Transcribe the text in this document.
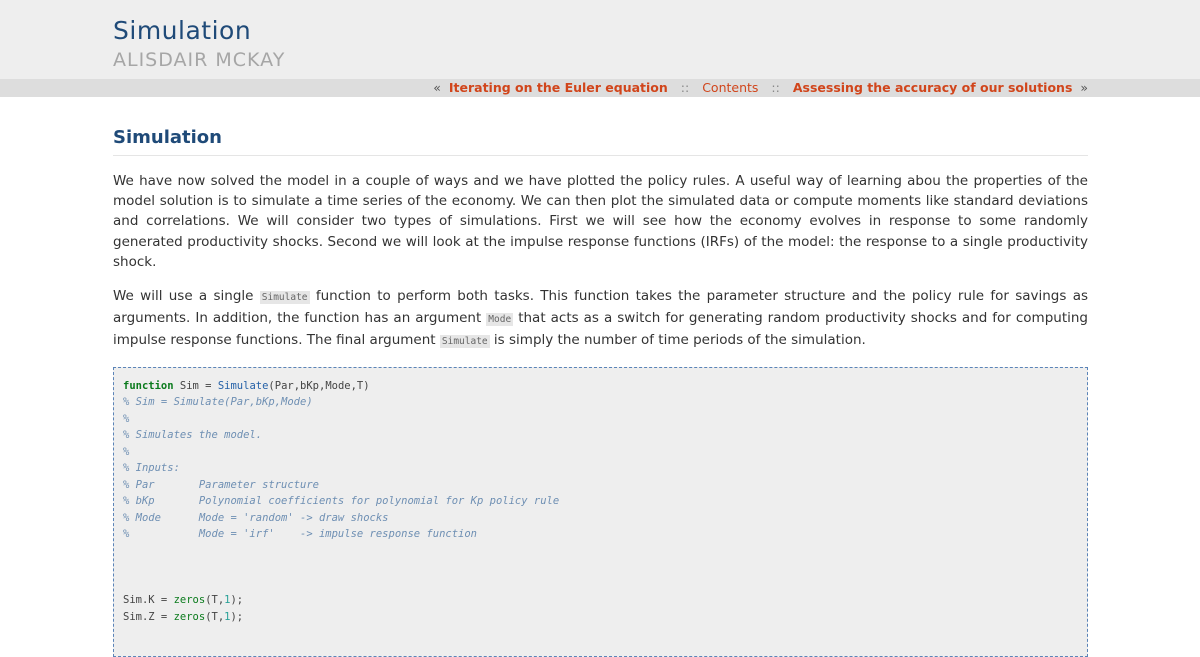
Simulation
ALISDAIR MCKAY
« Iterating on the Euler equation :: Contents :: Assessing the accuracy of our solutions »
Simulation

We have now solved the model in a couple of ways and we have plotted the policy rules. A useful way of learning abou the properties of the model solution is to simulate a time series of the economy. We can then plot the simulated data or compute moments like standard deviations and correlations. We will consider two types of simulations. First we will see how the economy evolves in response to some randomly generated productivity shocks. Second we will look at the impulse response functions (IRFs) of the model: the response to a single productivity shock.

We will use a single Simulate function to perform both tasks. This function takes the parameter structure and the policy rule for savings as arguments. In addition, the function has an argument Mode that acts as a switch for generating random productivity shocks and for computing impulse response functions. The final argument Simulate is simply the number of time periods of the simulation.

function Sim = Simulate(Par,bKp,Mode,T)
% Sim = Simulate(Par,bKp,Mode)
%
% Simulates the model.
%
% Inputs:
% Par       Parameter structure
% bKp       Polynomial coefficients for polynomial for Kp policy rule
% Mode      Mode = 'random' -> draw shocks
%           Mode = 'irf'    -> impulse response function
Sim.K = zeros(T,1);
Sim.Z = zeros(T,1);
